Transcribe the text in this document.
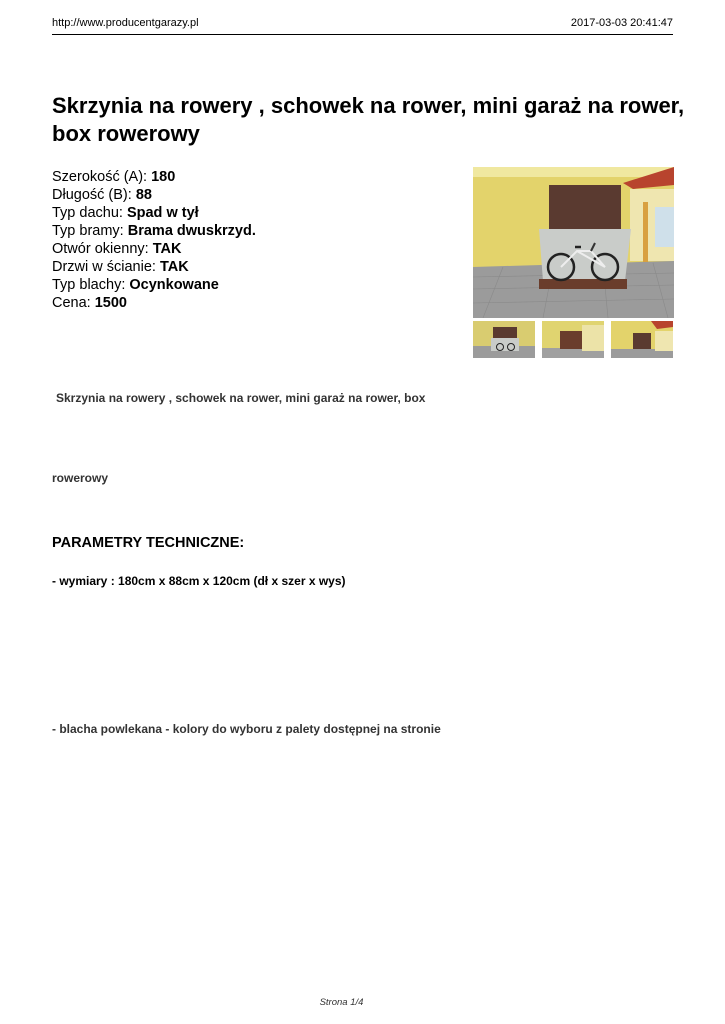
http://www.producentgarazy.pl	2017-03-03 20:41:47
Skrzynia na rowery , schowek na rower, mini garaż na rower, box rowerowy
Szerokość (A): 180
Długość (B): 88
Typ dachu: Spad w tył
Typ bramy: Brama dwuskrzyd.
Otwór okienny: TAK
Drzwi w ścianie: TAK
Typ blachy: Ocynkowane
Cena: 1500
Skrzynia na rowery , schowek na rower, mini garaż na rower, box
rowerowy
PARAMETRY TECHNICZNE:
- wymiary : 180cm x 88cm x 120cm (dł x szer x wys)
- blacha powlekana - kolory do wyboru z palety dostępnej na stronie
Strona 1/4
